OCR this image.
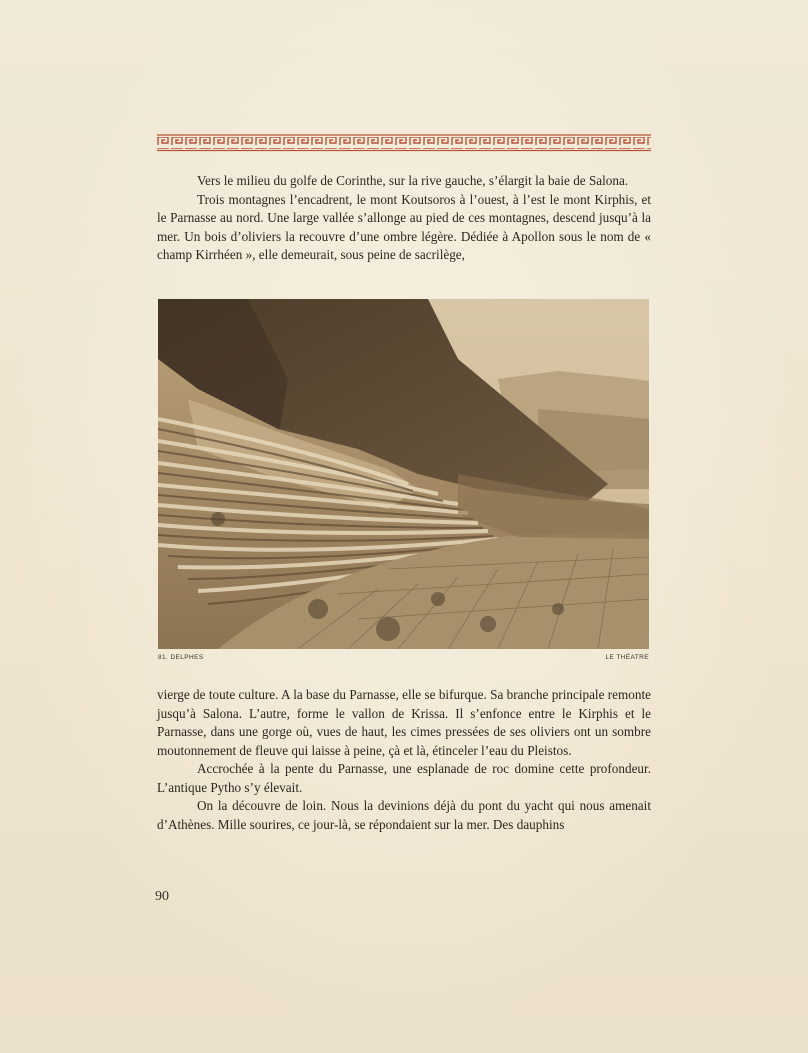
Vers le milieu du golfe de Corinthe, sur la rive gauche, s’élargit la baie de Salona.

Trois montagnes l’encadrent, le mont Koutsoros à l’ouest, à l’est le mont Kirphis, et le Parnasse au nord. Une large vallée s’allonge au pied de ces montagnes, descend jusqu’à la mer. Un bois d’oliviers la recouvre d’une ombre légère. Dédiée à Apollon sous le nom de « champ Kirrhéen », elle demeurait, sous peine de sacrilège,

81. DELPHES	LE THÉATRE

vierge de toute culture. A la base du Parnasse, elle se bifurque. Sa branche principale remonte jusqu’à Salona. L’autre, forme le vallon de Krissa. Il s’enfonce entre le Kirphis et le Parnasse, dans une gorge où, vues de haut, les cimes pressées de ses oliviers ont un sombre moutonnement de fleuve qui laisse à peine, çà et là, étinceler l’eau du Pleistos.

Accrochée à la pente du Parnasse, une esplanade de roc domine cette profondeur. L’antique Pytho s’y élevait.

On la découvre de loin. Nous la devinions déjà du pont du yacht qui nous amenait d’Athènes. Mille sourires, ce jour-là, se répondaient sur la mer. Des dauphins

90
